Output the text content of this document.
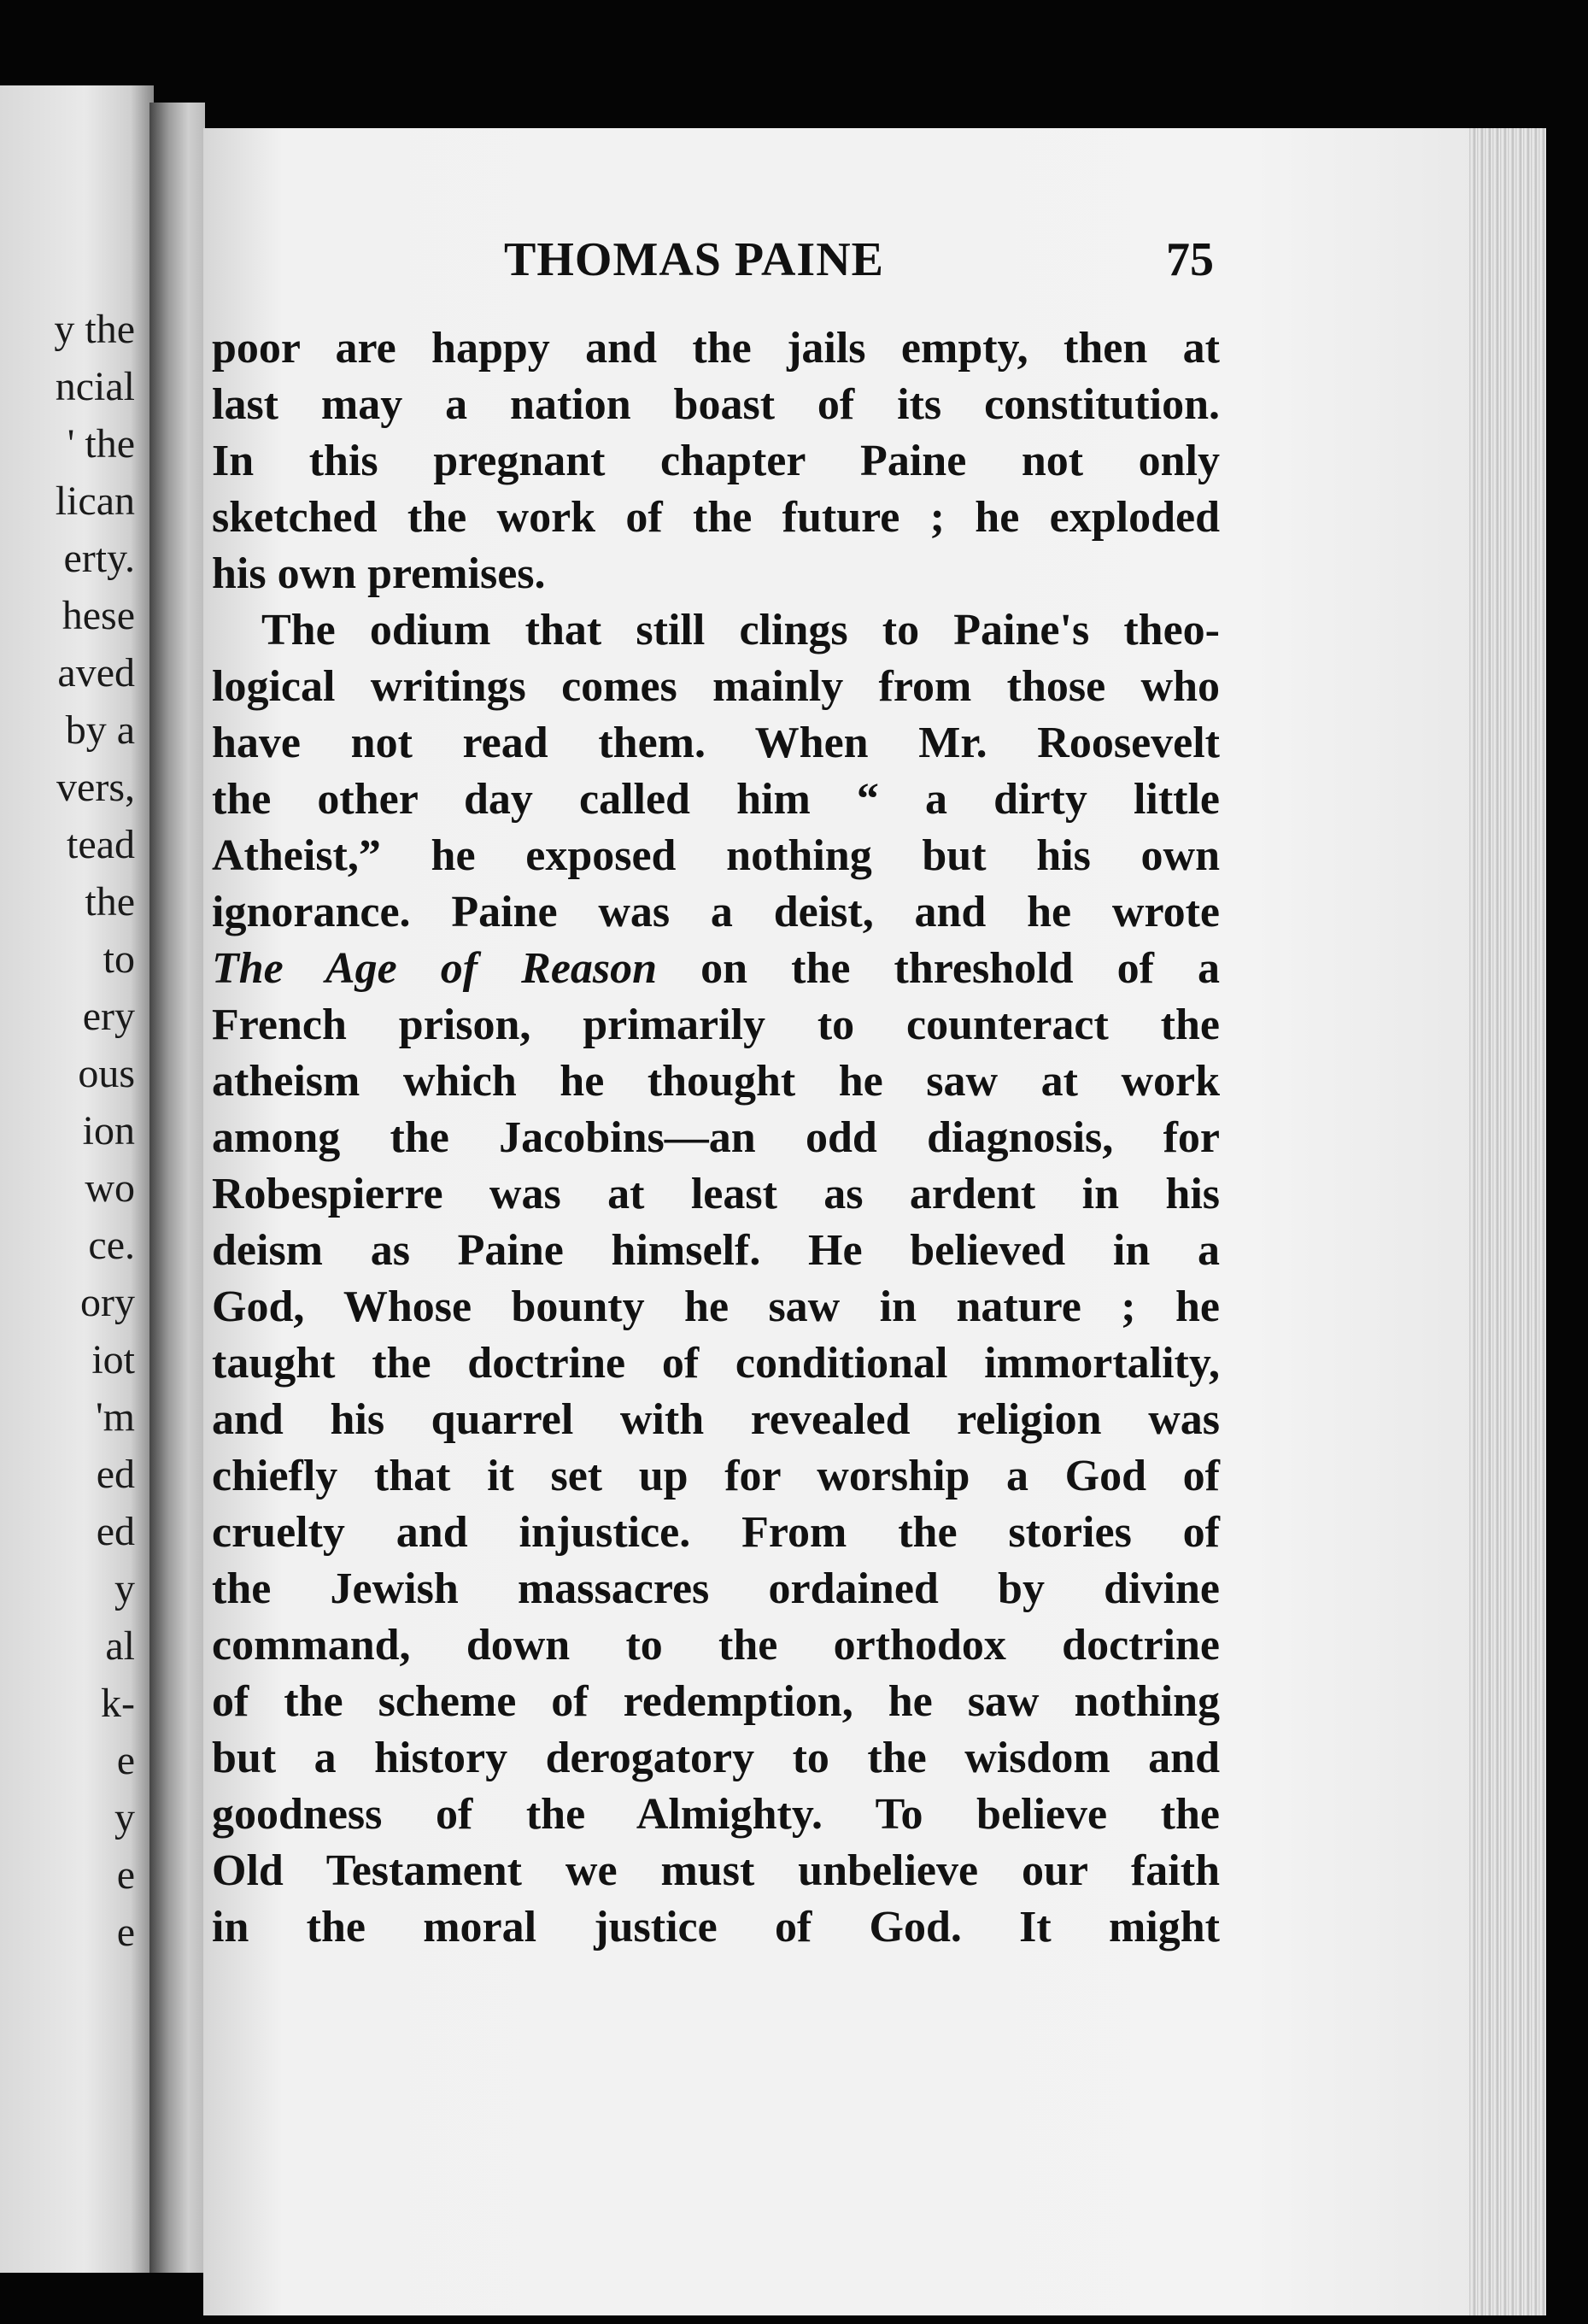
y the
ncial
' the
lican
erty.
hese
aved
by a
vers,
tead
the
to
ery
ous
ion
wo
ce.
ory
iot
'm
ed
ed
y
al
k-
e
y
e
e
THOMAS PAINE	75
poor are happy and the jails empty, then at
last may a nation boast of its constitution.
In this pregnant chapter Paine not only
sketched the work of the future ; he exploded
his own premises.
The odium that still clings to Paine's theo-
logical writings comes mainly from those who
have not read them. When Mr. Roosevelt
the other day called him “ a dirty little
Atheist,” he exposed nothing but his own
ignorance. Paine was a deist, and he wrote
The Age of Reason on the threshold of a
French prison, primarily to counteract the
atheism which he thought he saw at work
among the Jacobins—an odd diagnosis, for
Robespierre was at least as ardent in his
deism as Paine himself. He believed in a
God, Whose bounty he saw in nature ; he
taught the doctrine of conditional immortality,
and his quarrel with revealed religion was
chiefly that it set up for worship a God of
cruelty and injustice. From the stories of
the Jewish massacres ordained by divine
command, down to the orthodox doctrine
of the scheme of redemption, he saw nothing
but a history derogatory to the wisdom and
goodness of the Almighty. To believe the
Old Testament we must unbelieve our faith
in the moral justice of God. It might
